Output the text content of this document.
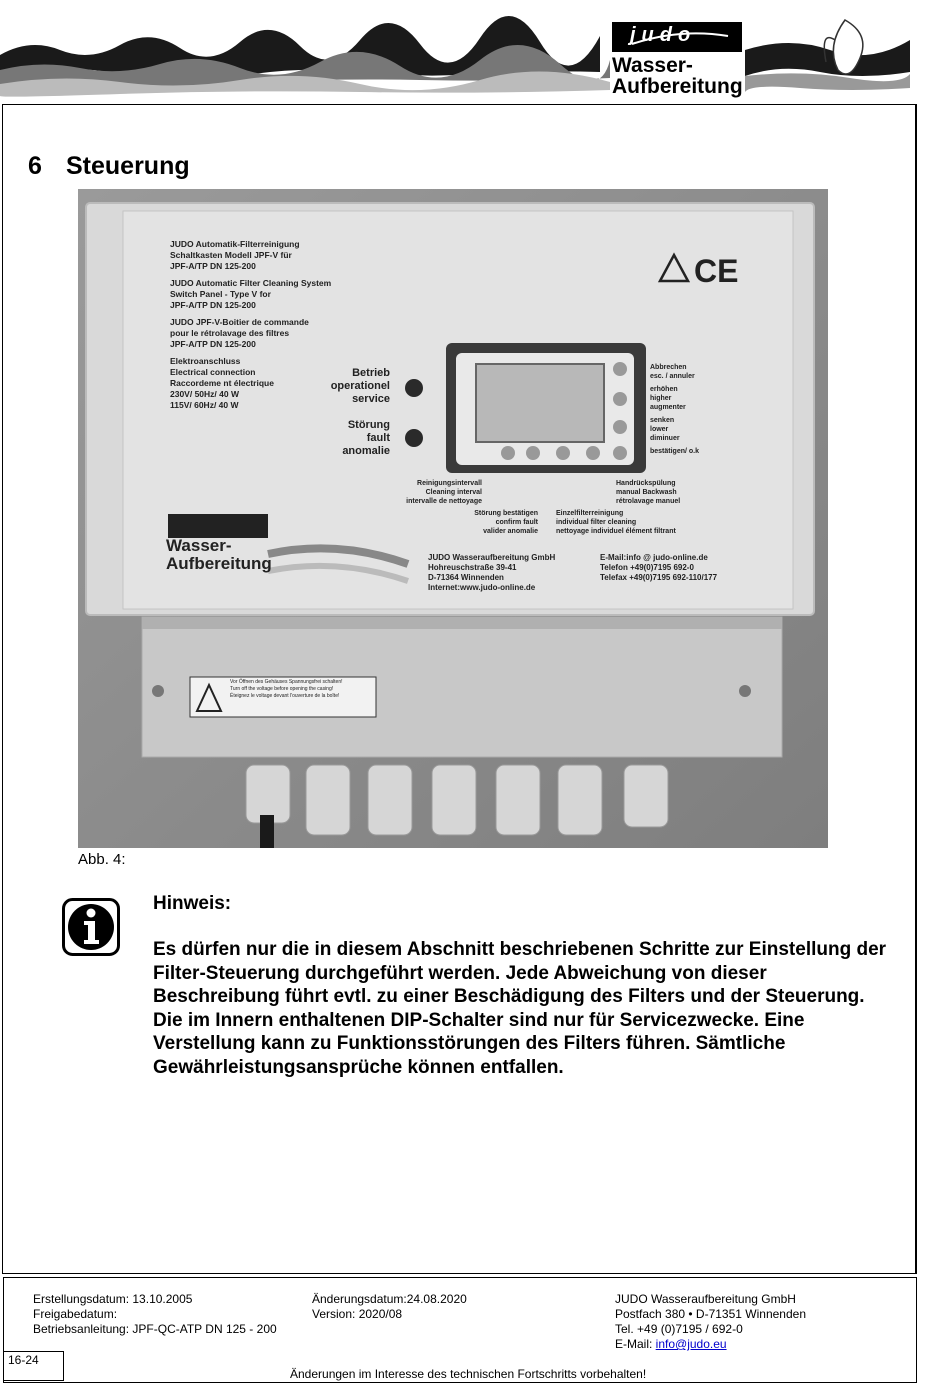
judo
Wasser-
Aufbereitung
6 Steuerung
JUDO Automatik-Filterreinigung
Schaltkasten Modell JPF-V für
JPF-A/TP DN 125-200
JUDO Automatic Filter Cleaning System
Switch Panel - Type V for
JPF-A/TP DN 125-200
JUDO JPF-V-Boitier de commande
pour le rétrolavage des filtres
JPF-A/TP DN 125-200
Elektroanschluss
Electrical connection
Raccordeme nt électrique
230V/ 50Hz/ 40 W
115V/ 60Hz/ 40 W
Betrieb
operationel
service
Störung
fault
anomalie
CE
Abbrechen
esc. / annuler
erhöhen
higher
augmenter
senken
lower
diminuer
bestätigen/ o.k
Reinigungsintervall
Cleaning interval
intervalle de nettoyage
Störung bestätigen
confirm fault
valider anomalie
Handrückspülung
manual Backwash
rétrolavage manuel
Einzelfilterreinigung
individual filter cleaning
nettoyage individuel élément filtrant
Wasser-
Aufbereitung	JUDO Wasseraufbereitung GmbH
Hohreuschstraße 39-41
D-71364 Winnenden
Internet:www.judo-online.de
E-Mail:info @ judo-online.de
Telefon +49(0)7195 692-0
Telefax +49(0)7195 692-110/177
Vor Öffnen des Gehäuses Spannungsfrei schalten!
Turn off the voltage before opening the casing!
Éteignez le voltage devant l'ouverture de la boîte!
Abb. 4:
Hinweis:
Es dürfen nur die in diesem Abschnitt beschriebenen Schritte zur Einstellung der Filter-Steuerung durchgeführt werden. Jede Abweichung von dieser Beschreibung führt evtl. zu einer Beschädigung des Filters und der Steuerung. Die im Innern enthaltenen DIP-Schalter sind nur für Servicezwecke. Eine Verstellung kann zu Funktionsstörungen des Filters führen. Sämtliche Gewährleistungsansprüche können entfallen.
Erstellungsdatum: 13.10.2005
Freigabedatum:
Betriebsanleitung: JPF-QC-ATP DN 125 - 200
Änderungsdatum:24.08.2020
Version: 2020/08
JUDO Wasseraufbereitung GmbH
Postfach 380 • D-71351 Winnenden
Tel. +49 (0)7195 / 692-0
E-Mail: info@judo.eu
16-24
Änderungen im Interesse des technischen Fortschritts vorbehalten!
